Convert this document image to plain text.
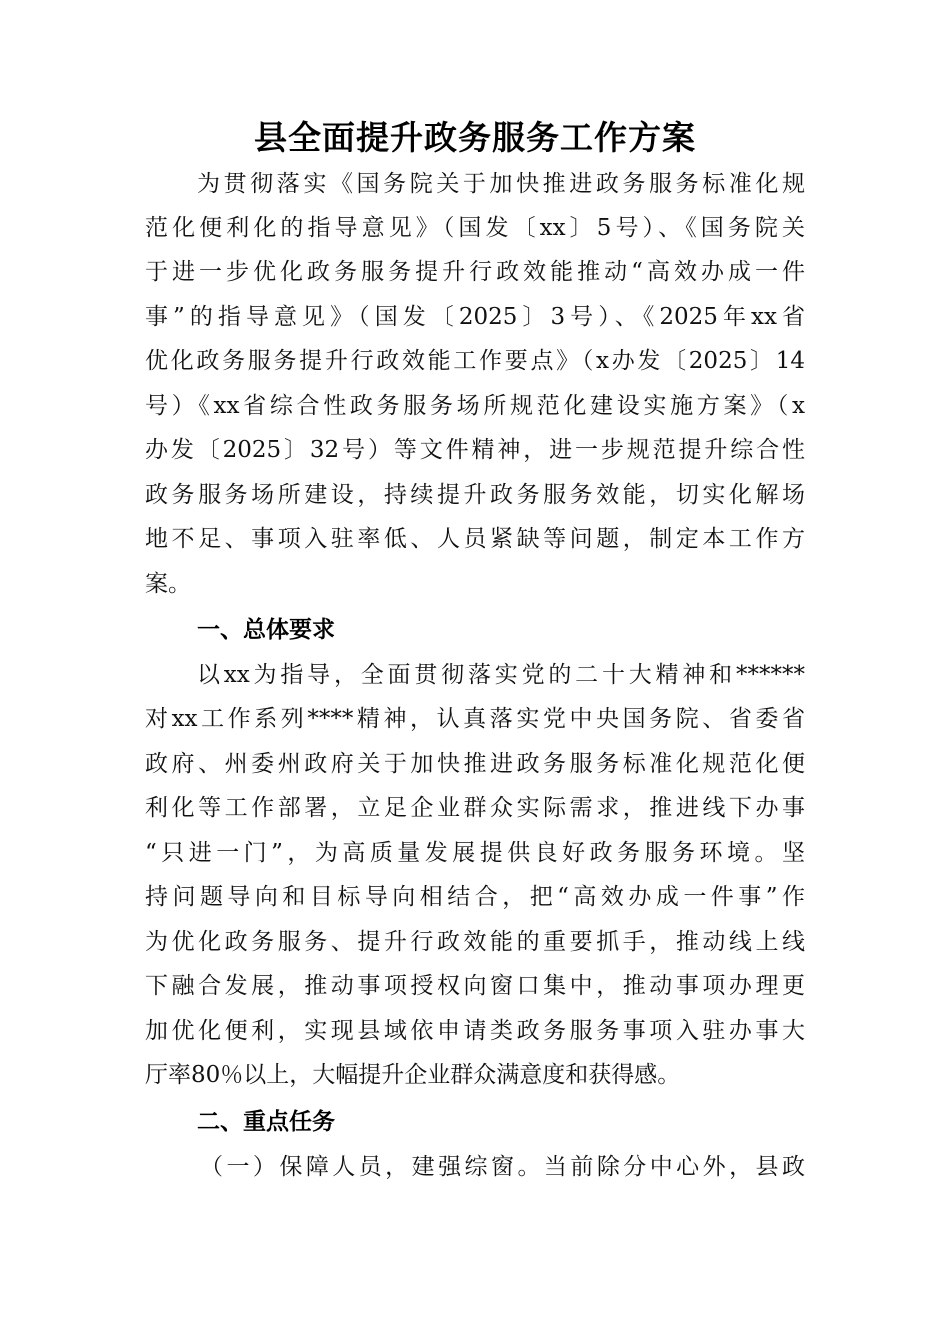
县全面提升政务服务工作方案
为贯彻落实《国务院关于加快推进政务服务标准化规
范化便利化的指导意见》（国发〔xx〕5号）、《国务院关
于进一步优化政务服务提升行政效能推动“高效办成一件
事”的指导意见》（国发〔2025〕3号）、《2025年xx省
优化政务服务提升行政效能工作要点》（x办发〔2025〕14
号）《xx省综合性政务服务场所规范化建设实施方案》（x
办发〔2025〕32号）等文件精神，进一步规范提升综合性
政务服务场所建设，持续提升政务服务效能，切实化解场
地不足、事项入驻率低、人员紧缺等问题，制定本工作方
案。
一、总体要求
以xx为指导，全面贯彻落实党的二十大精神和******
对xx工作系列****精神，认真落实党中央国务院、省委省
政府、州委州政府关于加快推进政务服务标准化规范化便
利化等工作部署，立足企业群众实际需求，推进线下办事
“只进一门”，为高质量发展提供良好政务服务环境。坚
持问题导向和目标导向相结合，把“高效办成一件事”作
为优化政务服务、提升行政效能的重要抓手，推动线上线
下融合发展，推动事项授权向窗口集中，推动事项办理更
加优化便利，实现县域依申请类政务服务事项入驻办事大
厅率80％以上，大幅提升企业群众满意度和获得感。
二、重点任务
（一）保障人员，建强综窗。当前除分中心外，县政
